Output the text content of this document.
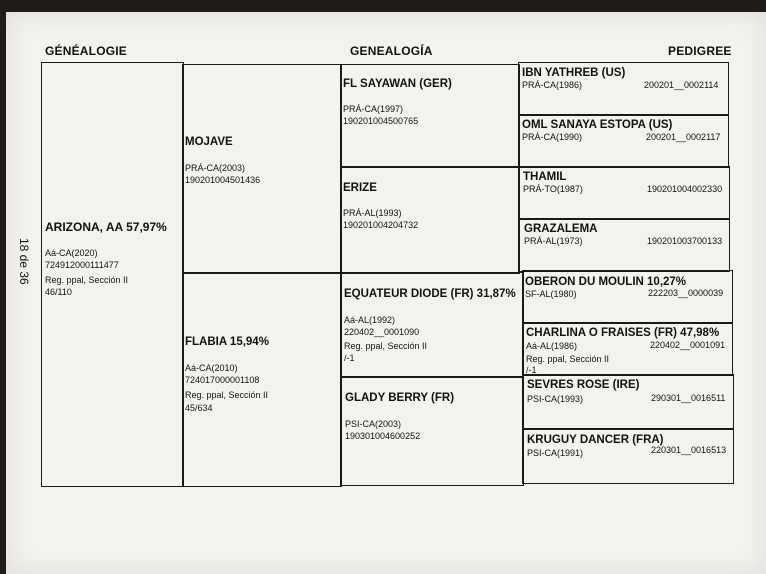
GÉNÉALOGIE	GENEALOGÍA	PEDIGREE
18 de 36
ARIZONA, AA 57,97%
Aá-CA(2020)
724912000111477
Reg. ppal, Sección II
46/110
MOJAVE
PRÁ-CA(2003)
190201004501436
FLABIA 15,94%
Aá-CA(2010)
724017000001108
Reg. ppal, Sección II
45/634
FL SAYAWAN (GER)
PRÁ-CA(1997)
190201004500765
ERIZE
PRÁ-AL(1993)
190201004204732
EQUATEUR DIODE (FR) 31,87%
Aá-AL(1992)
220402__0001090
Reg. ppal, Sección II
/-1
GLADY BERRY (FR)
PSI-CA(2003)
190301004600252
IBN YATHREB (US)
PRÁ-CA(1986)	200201__0002114
OML SANAYA ESTOPA (US)
PRÁ-CA(1990)	200201__0002117
THAMIL
PRÁ-TO(1987)	190201004002330
GRAZALEMA
PRÁ-AL(1973)	190201003700133
OBERON DU MOULIN 10,27%
SF-AL(1980)	222203__0000039
CHARLINA O FRAISES (FR) 47,98%
Aá-AL(1986)	220402__0001091
Reg. ppal, Sección II
/-1
SEVRES ROSE (IRE)
PSI-CA(1993)	290301__0016511
KRUGUY DANCER (FRA)
PSI-CA(1991)	220301__0016513
